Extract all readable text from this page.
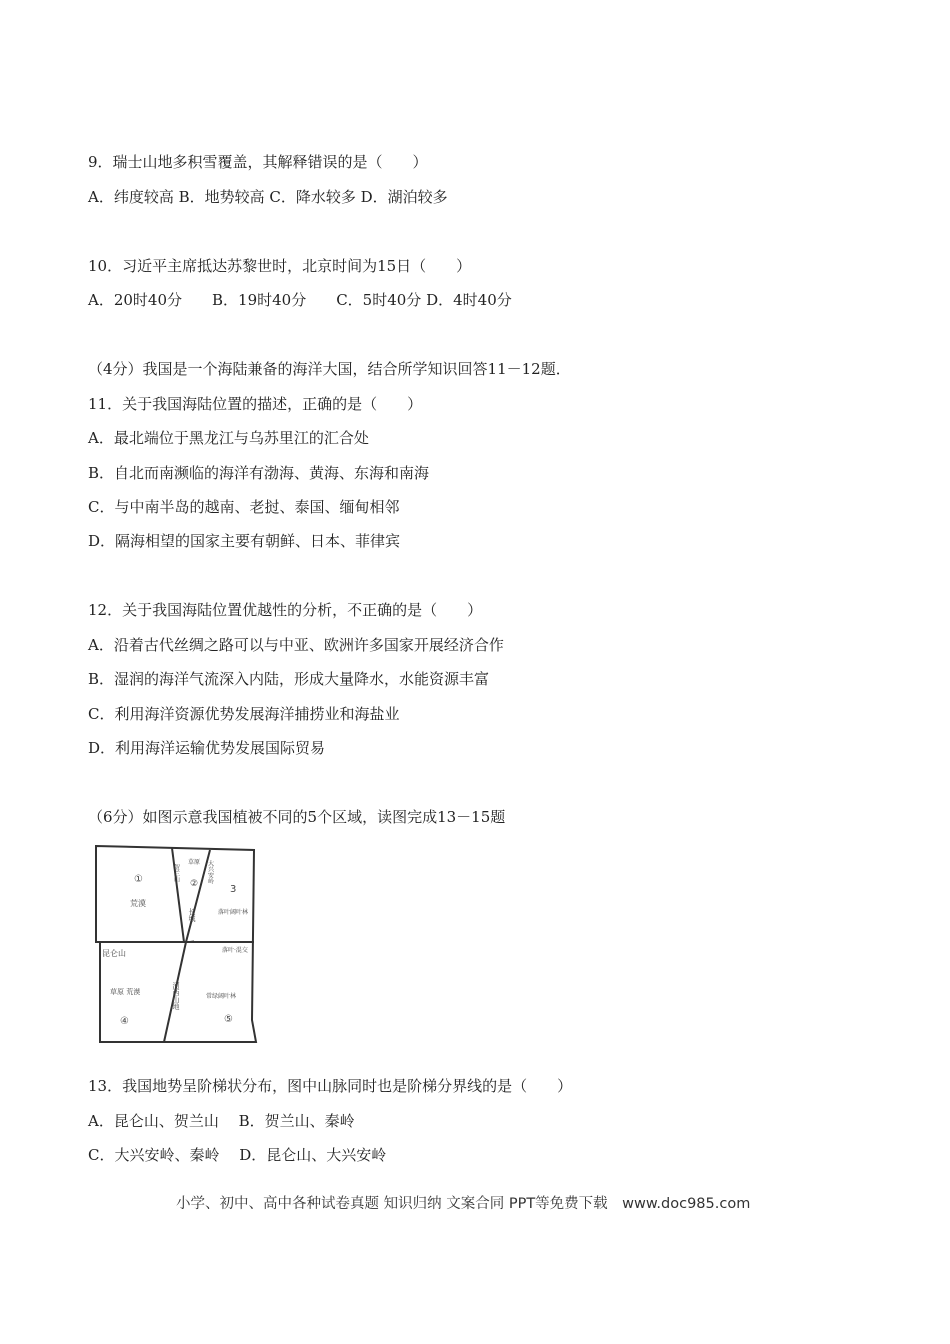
9．瑞士山地多积雪覆盖，其解释错误的是（　　）
A．纬度较高 B．地势较高 C．降水较多 D．湖泊较多
10．习近平主席抵达苏黎世时，北京时间为15日（　　）
A．20时40分　　B．19时40分　　C．5时40分 D．4时40分
（4分）我国是一个海陆兼备的海洋大国，结合所学知识回答11－12题．
11．关于我国海陆位置的描述，正确的是（　　）
A．最北端位于黑龙江与乌苏里江的汇合处
B．自北而南濒临的海洋有渤海、黄海、东海和南海
C．与中南半岛的越南、老挝、泰国、缅甸相邻
D．隔海相望的国家主要有朝鲜、日本、菲律宾
12．关于我国海陆位置优越性的分析，不正确的是（　　）
A．沿着古代丝绸之路可以与中亚、欧洲许多国家开展经济合作
B．湿润的海洋气流深入内陆，形成大量降水，水能资源丰富
C．利用海洋资源优势发展海洋捕捞业和海盐业
D．利用海洋运输优势发展国际贸易
（6分）如图示意我国植被不同的5个区域，读图完成13－15题
①
荒漠
贺兰山
草原
② 大兴安岭
3
落叶阔叶林
长城
昆仑山
草原 荒漠
④
河西山地
落叶·混交
常绿阔叶林
⑤
13．我国地势呈阶梯状分布，图中山脉同时也是阶梯分界线的是（　　）
A．昆仑山、贺兰山　 B．贺兰山、秦岭
C．大兴安岭、秦岭　 D．昆仑山、大兴安岭
小学、初中、高中各种试卷真题 知识归纳 文案合同 PPT等免费下载　www.doc985.com
